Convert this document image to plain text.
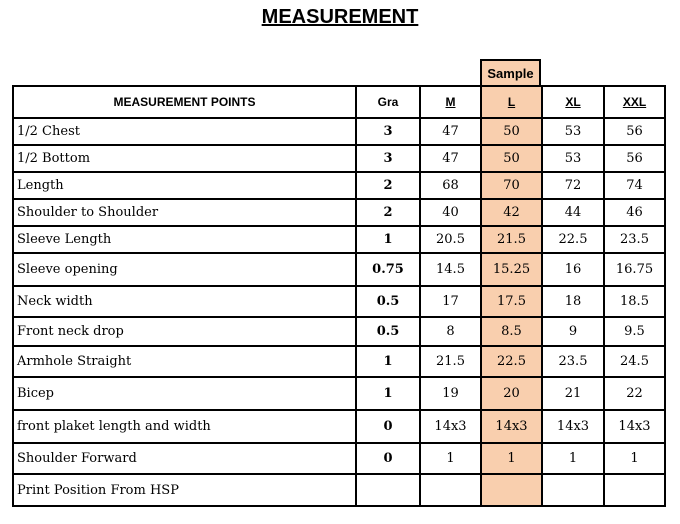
MEASUREMENT
Sample
MEASUREMENT POINTS	Gra	M	L	XL	XXL
1/2 Chest	3	47	50	53	56
1/2 Bottom	3	47	50	53	56
Length	2	68	70	72	74
Shoulder to Shoulder	2	40	42	44	46
Sleeve Length	1	20.5	21.5	22.5	23.5
Sleeve opening	0.75	14.5	15.25	16	16.75
Neck width	0.5	17	17.5	18	18.5
Front neck drop	0.5	8	8.5	9	9.5
Armhole Straight	1	21.5	22.5	23.5	24.5
Bicep	1	19	20	21	22
front plaket length and width	0	14x3	14x3	14x3	14x3
Shoulder Forward	0	1	1	1	1
Print Position From HSP					
